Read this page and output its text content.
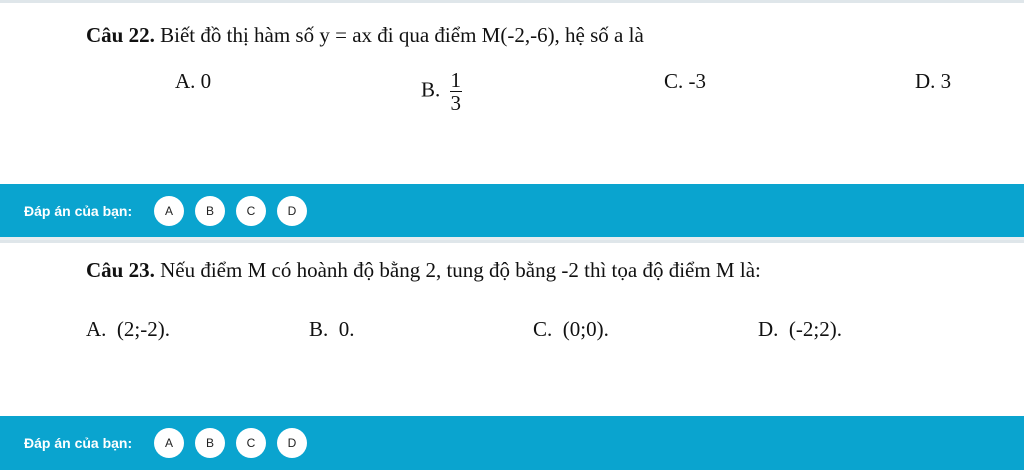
Câu 22. Biết đồ thị hàm số y = ax đi qua điểm M(-2,-6), hệ số a là
A. 0	B. $\frac{1}{3}$	C. -3	D. 3
Đáp án của bạn:	A	B	C	D
Câu 23. Nếu điểm M có hoành độ bằng 2, tung độ bằng -2 thì tọa độ điểm M là:
A.  (2;-2).	B.  0.	C.  (0;0).	D.  (-2;2).
Đáp án của bạn:	A	B	C	D
